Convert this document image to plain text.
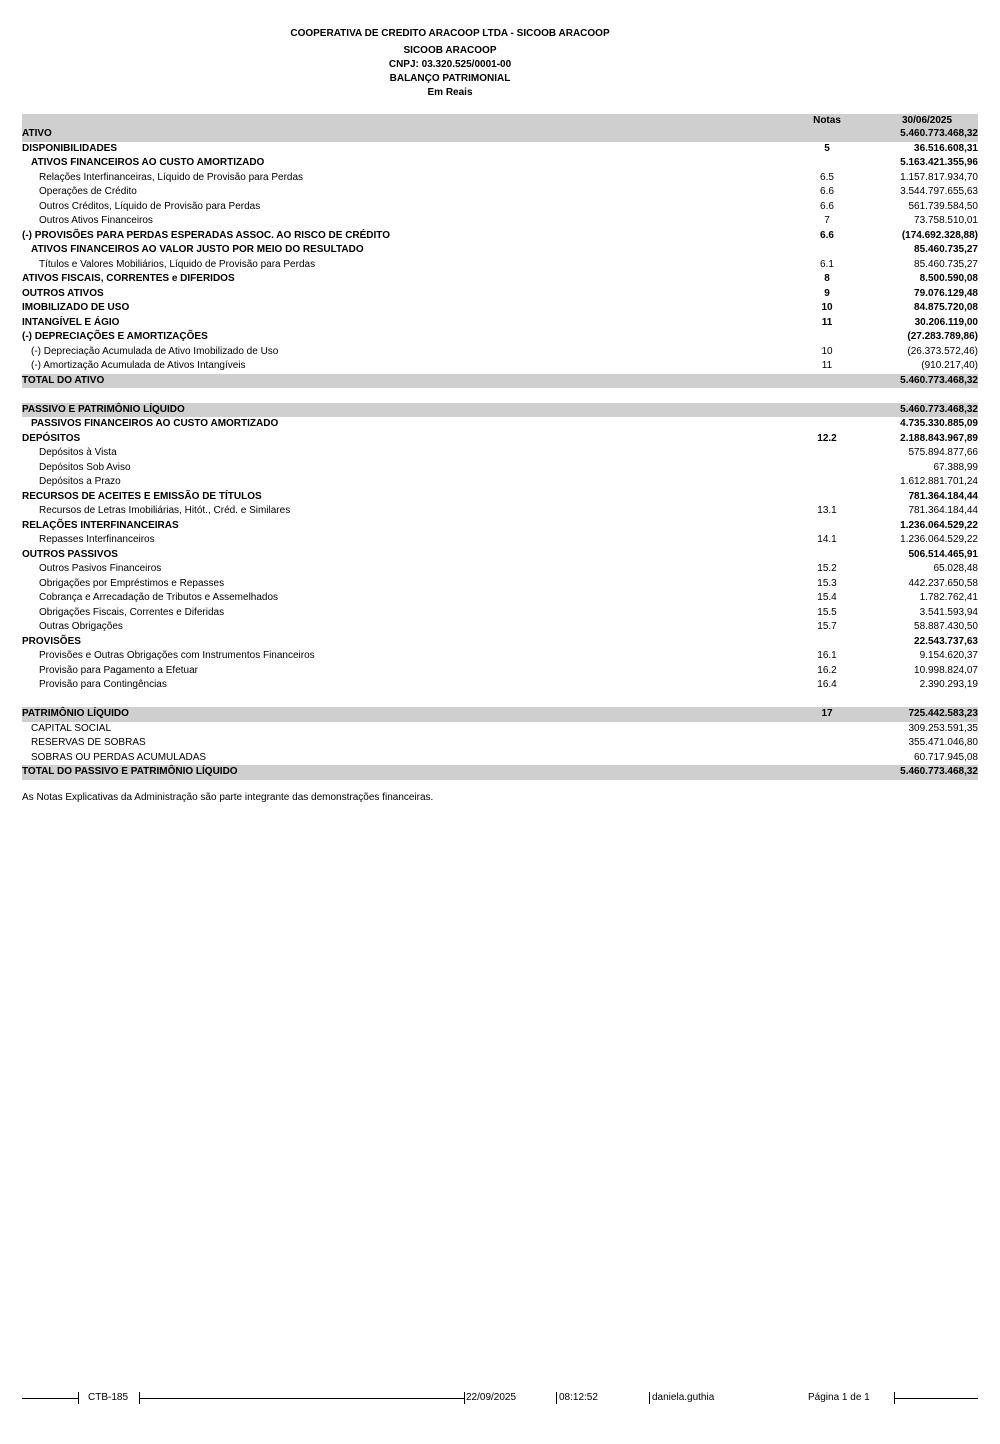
COOPERATIVA DE CREDITO ARACOOP LTDA - SICOOB ARACOOP
SICOOB ARACOOP
CNPJ: 03.320.525/0001-00
BALANÇO PATRIMONIAL
Em Reais
Notas	30/06/2025
ATIVO	5.460.773.468,32
DISPONIBILIDADES	5	36.516.608,31
ATIVOS FINANCEIROS AO CUSTO AMORTIZADO	5.163.421.355,96
Relações Interfinanceiras, Líquido de Provisão para Perdas	6.5	1.157.817.934,70
Operações de Crédito	6.6	3.544.797.655,63
Outros Créditos, Líquido de Provisão para Perdas	6.6	561.739.584,50
Outros Ativos Financeiros	7	73.758.510,01
(-) PROVISÕES PARA PERDAS ESPERADAS ASSOC. AO RISCO DE CRÉDITO	6.6	(174.692.328,88)
ATIVOS FINANCEIROS AO VALOR JUSTO POR MEIO DO RESULTADO	85.460.735,27
Títulos e Valores Mobiliários, Líquido de Provisão para Perdas	6.1	85.460.735,27
ATIVOS FISCAIS, CORRENTES e DIFERIDOS	8	8.500.590,08
OUTROS ATIVOS	9	79.076.129,48
IMOBILIZADO DE USO	10	84.875.720,08
INTANGÍVEL E ÁGIO	11	30.206.119,00
(-) DEPRECIAÇÕES E AMORTIZAÇÕES	(27.283.789,86)
(-) Depreciação Acumulada de Ativo Imobilizado de Uso	10	(26.373.572,46)
(-) Amortização Acumulada de Ativos Intangíveis	11	(910.217,40)
TOTAL DO ATIVO	5.460.773.468,32
PASSIVO E PATRIMÔNIO LÍQUIDO	5.460.773.468,32
PASSIVOS FINANCEIROS AO CUSTO AMORTIZADO	4.735.330.885,09
DEPÓSITOS	12.2	2.188.843.967,89
Depósitos à Vista	575.894.877,66
Depósitos Sob Aviso	67.388,99
Depósitos a Prazo	1.612.881.701,24
RECURSOS DE ACEITES E EMISSÃO DE TÍTULOS	781.364.184,44
Recursos de Letras Imobiliárias, Hitót., Créd. e Similares	13.1	781.364.184,44
RELAÇÕES INTERFINANCEIRAS	1.236.064.529,22
Repasses Interfinanceiros	14.1	1.236.064.529,22
OUTROS PASSIVOS	506.514.465,91
Outros Pasivos Financeiros	15.2	65.028,48
Obrigações por Empréstimos e Repasses	15.3	442.237.650,58
Cobrança e Arrecadação de Tributos e Assemelhados	15.4	1.782.762,41
Obrigações Fiscais, Correntes e Diferidas	15.5	3.541.593,94
Outras Obrigações	15.7	58.887.430,50
PROVISÕES	22.543.737,63
Provisões e Outras Obrigações com Instrumentos Financeiros	16.1	9.154.620,37
Provisão para Pagamento a Efetuar	16.2	10.998.824,07
Provisão para Contingências	16.4	2.390.293,19
PATRIMÔNIO LÍQUIDO	17	725.442.583,23
CAPITAL SOCIAL	309.253.591,35
RESERVAS DE SOBRAS	355.471.046,80
SOBRAS OU PERDAS ACUMULADAS	60.717.945,08
TOTAL DO PASSIVO E PATRIMÔNIO LÍQUIDO	5.460.773.468,32
As Notas Explicativas da Administração são parte integrante das demonstrações financeiras.
CTB-185	22/09/2025	08:12:52	daniela.guthia	Página 1 de 1
